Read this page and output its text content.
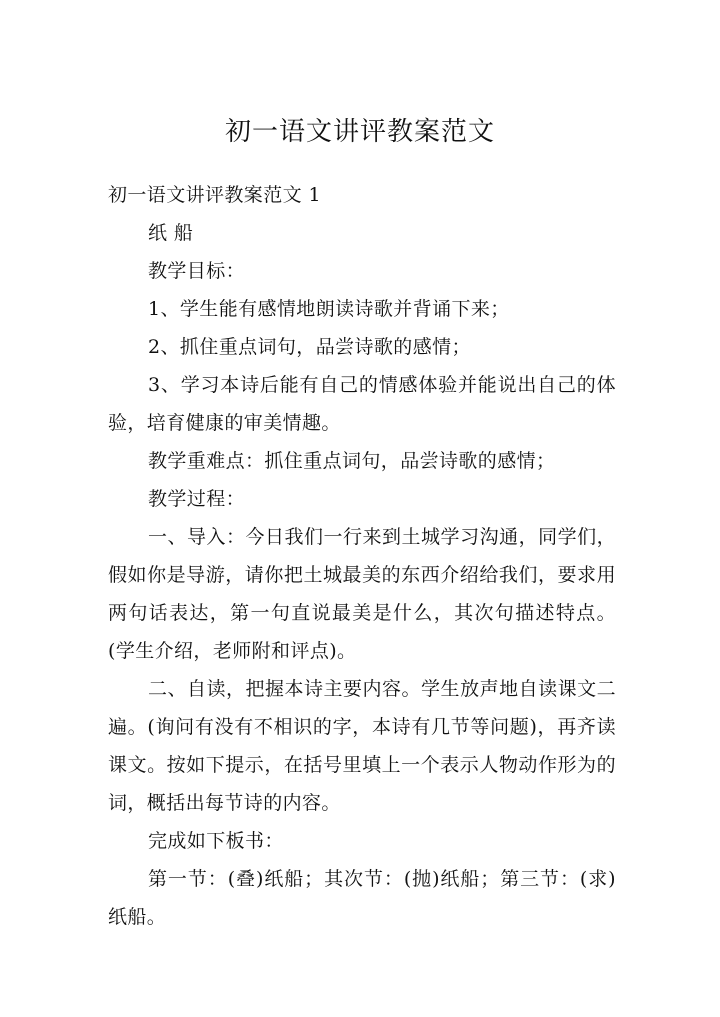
初一语文讲评教案范文

初一语文讲评教案范文 1

纸 船

教学目标：

1、学生能有感情地朗读诗歌并背诵下来；

2、抓住重点词句，品尝诗歌的感情；

3、学习本诗后能有自己的情感体验并能说出自己的体验，培育健康的审美情趣。

教学重难点：抓住重点词句，品尝诗歌的感情；

教学过程：

一、导入：今日我们一行来到土城学习沟通，同学们，假如你是导游，请你把土城最美的东西介绍给我们，要求用两句话表达，第一句直说最美是什么，其次句描述特点。(学生介绍，老师附和评点)。

二、自读，把握本诗主要内容。学生放声地自读课文二遍。(询问有没有不相识的字，本诗有几节等问题)，再齐读课文。按如下提示，在括号里填上一个表示人物动作形为的词，概括出每节诗的内容。

完成如下板书：

第一节：(叠)纸船；其次节：(抛)纸船；第三节：(求)纸船。
